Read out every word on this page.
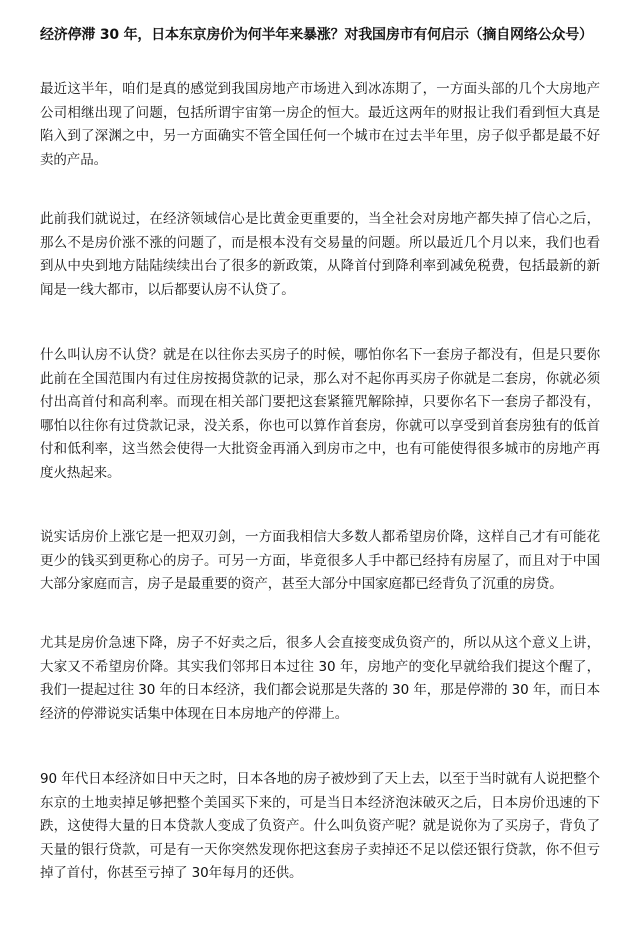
经济停滞 30 年，日本东京房价为何半年来暴涨？对我国房市有何启示（摘自网络公众号）

最近这半年，咱们是真的感觉到我国房地产市场进入到冰冻期了，一方面头部的几个大房地产公司相继出现了问题，包括所谓宇宙第一房企的恒大。最近这两年的财报让我们看到恒大真是陷入到了深渊之中，另一方面确实不管全国任何一个城市在过去半年里，房子似乎都是最不好卖的产品。

此前我们就说过，在经济领域信心是比黄金更重要的，当全社会对房地产都失掉了信心之后，那么不是房价涨不涨的问题了，而是根本没有交易量的问题。所以最近几个月以来，我们也看到从中央到地方陆陆续续出台了很多的新政策，从降首付到降利率到减免税费，包括最新的新闻是一线大都市，以后都要认房不认贷了。

什么叫认房不认贷？就是在以往你去买房子的时候，哪怕你名下一套房子都没有，但是只要你此前在全国范围内有过住房按揭贷款的记录，那么对不起你再买房子你就是二套房，你就必须付出高首付和高利率。而现在相关部门要把这套紧箍咒解除掉，只要你名下一套房子都没有，哪怕以往你有过贷款记录，没关系，你也可以算作首套房，你就可以享受到首套房独有的低首付和低利率，这当然会使得一大批资金再涌入到房市之中，也有可能使得很多城市的房地产再度火热起来。

说实话房价上涨它是一把双刃剑，一方面我相信大多数人都希望房价降，这样自己才有可能花更少的钱买到更称心的房子。可另一方面，毕竟很多人手中都已经持有房屋了，而且对于中国大部分家庭而言，房子是最重要的资产，甚至大部分中国家庭都已经背负了沉重的房贷。

尤其是房价急速下降，房子不好卖之后，很多人会直接变成负资产的，所以从这个意义上讲，大家又不希望房价降。其实我们邻邦日本过往 30 年，房地产的变化早就给我们提这个醒了，我们一提起过往 30 年的日本经济，我们都会说那是失落的 30 年，那是停滞的 30 年，而日本经济的停滞说实话集中体现在日本房地产的停滞上。

90 年代日本经济如日中天之时，日本各地的房子被炒到了天上去，以至于当时就有人说把整个东京的土地卖掉足够把整个美国买下来的，可是当日本经济泡沫破灭之后，日本房价迅速的下跌，这使得大量的日本贷款人变成了负资产。什么叫负资产呢？就是说你为了买房子，背负了天量的银行贷款，可是有一天你突然发现你把这套房子卖掉还不足以偿还银行贷款，你不但亏掉了首付，你甚至亏掉了 30年每月的还供。
